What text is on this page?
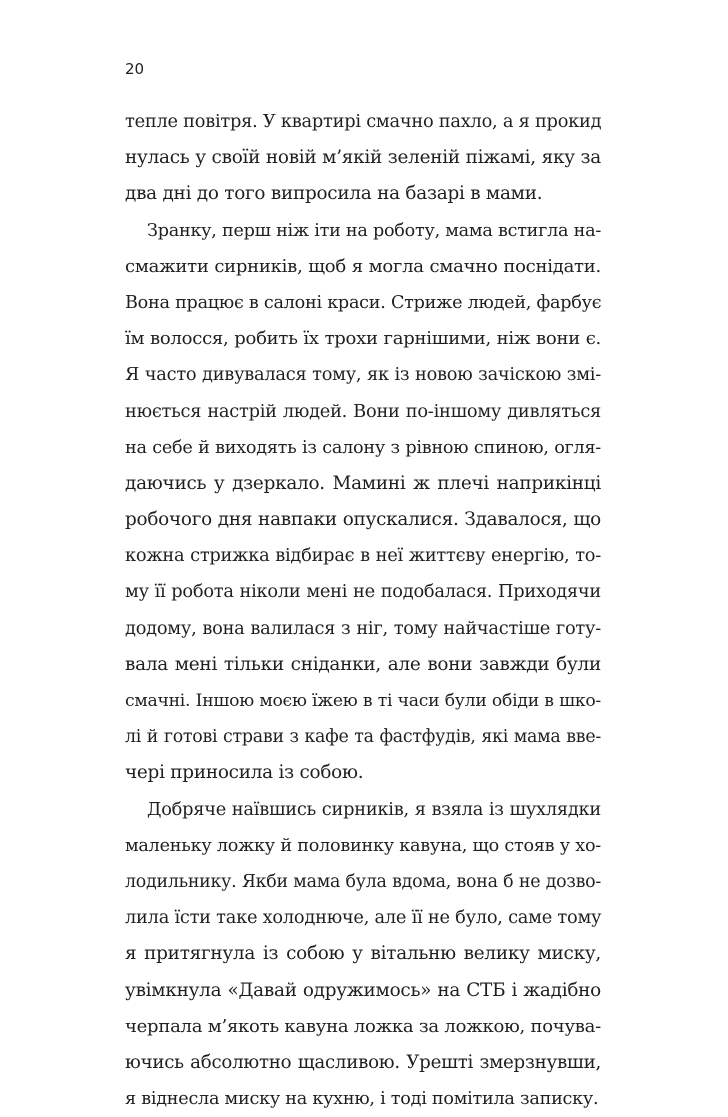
20
тепле повітря. У квартирі смачно пахло, а я прокид
нулась у своїй новій м’якій зеленій піжамі, яку за
два дні до того випросила на базарі в мами.
Зранку, перш ніж іти на роботу, мама встигла на-
смажити сирників, щоб я могла смачно поснідати.
Вона працює в салоні краси. Стриже людей, фарбує
їм волосся, робить їх трохи гарнішими, ніж вони є.
Я часто дивувалася тому, як із новою зачіскою змі-
нюється настрій людей. Вони по-іншому дивляться
на себе й виходять із салону з рівною спиною, огля-
даючись у дзеркало. Мамині ж плечі наприкінці
робочого дня навпаки опускалися. Здавалося, що
кожна стрижка відбирає в неї життєву енергію, то-
му її робота ніколи мені не подобалася. Приходячи
додому, вона валилася з ніг, тому найчастіше готу-
вала мені тільки сніданки, але вони завжди були
смачні. Іншою моєю їжею в ті часи були обіди в шко-
лі й готові страви з кафе та фастфудів, які мама вве-
чері приносила із собою.
Добряче наївшись сирників, я взяла із шухлядки
маленьку ложку й половинку кавуна, що стояв у хо-
лодильнику. Якби мама була вдома, вона б не дозво-
лила їсти таке холоднюче, але її не було, саме тому
я притягнула із собою у вітальню велику миску,
увімкнула «Давай одружимось» на СТБ і жадібно
черпала м’якоть кавуна ложка за ложкою, почува-
ючись абсолютно щасливою. Урешті змерзнувши,
я віднесла миску на кухню, і тоді помітила записку.
